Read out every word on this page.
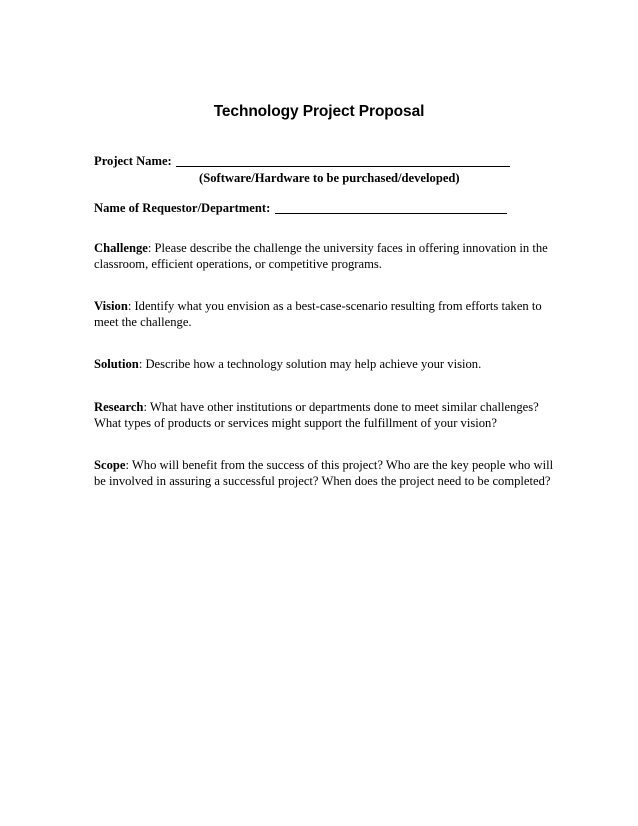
Technology Project Proposal
Project Name:
(Software/Hardware to be purchased/developed)
Name of Requestor/Department:
Challenge: Please describe the challenge the university faces in offering innovation in the classroom, efficient operations, or competitive programs.
Vision: Identify what you envision as a best-case-scenario resulting from efforts taken to meet the challenge.
Solution: Describe how a technology solution may help achieve your vision.
Research: What have other institutions or departments done to meet similar challenges? What types of products or services might support the fulfillment of your vision?
Scope: Who will benefit from the success of this project? Who are the key people who will be involved in assuring a successful project? When does the project need to be completed?
